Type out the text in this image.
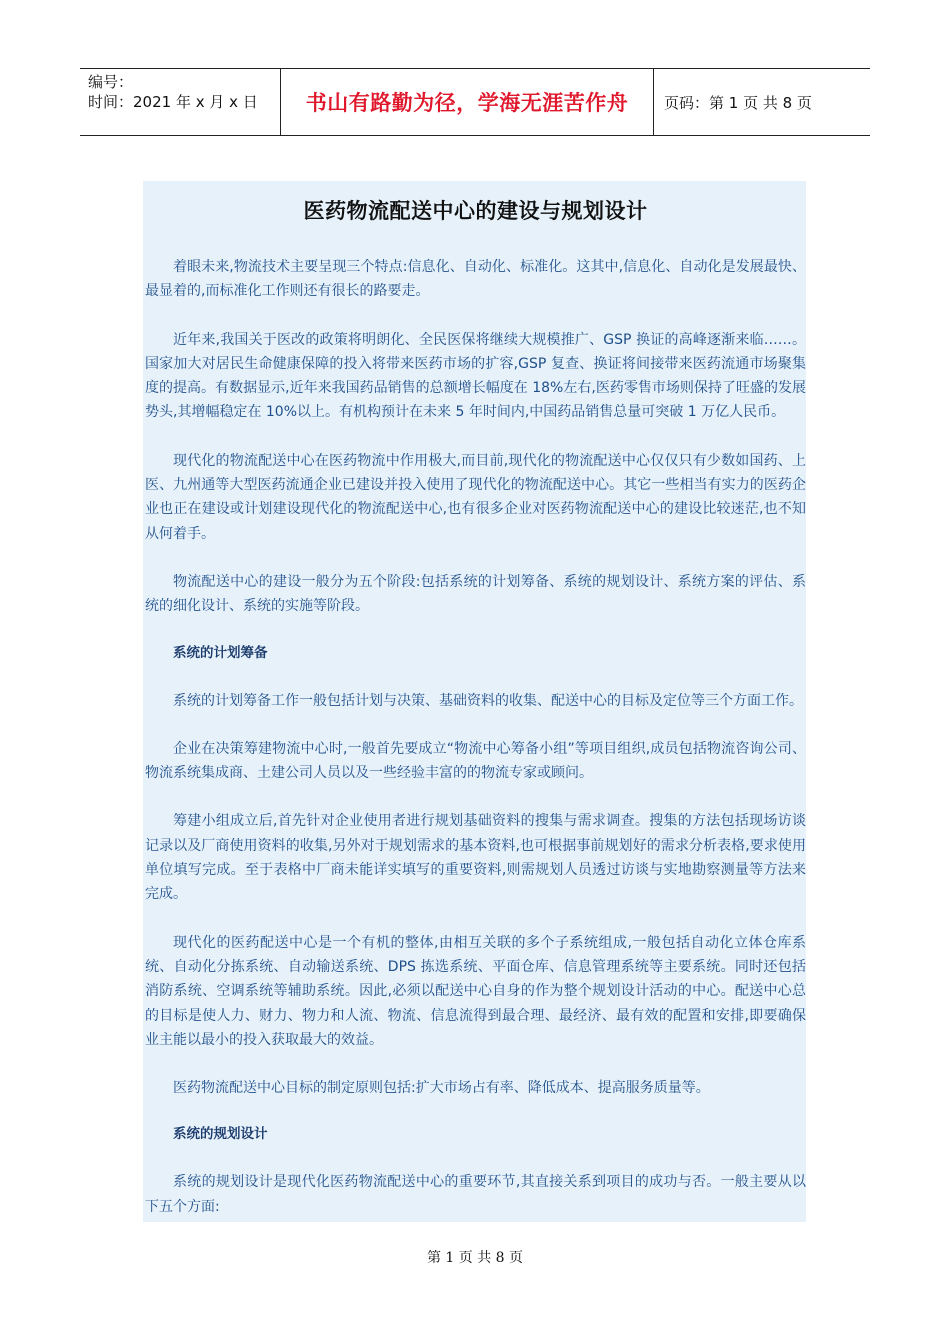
编号：
时间：2021 年 x 月 x 日	书山有路勤为径，学海无涯苦作舟	页码：第 1 页 共 8 页
医药物流配送中心的建设与规划设计

着眼未来,物流技术主要呈现三个特点:信息化、自动化、标准化。这其中,信息化、自动化是发展最快、最显着的,而标准化工作则还有很长的路要走。

近年来,我国关于医改的政策将明朗化、全民医保将继续大规模推广、GSP 换证的高峰逐渐来临……。国家加大对居民生命健康保障的投入将带来医药市场的扩容,GSP 复查、换证将间接带来医药流通市场聚集度的提高。有数据显示,近年来我国药品销售的总额增长幅度在 18%左右,医药零售市场则保持了旺盛的发展势头,其增幅稳定在 10%以上。有机构预计在未来 5 年时间内,中国药品销售总量可突破 1 万亿人民币。

现代化的物流配送中心在医药物流中作用极大,而目前,现代化的物流配送中心仅仅只有少数如国药、上医、九州通等大型医药流通企业已建设并投入使用了现代化的物流配送中心。其它一些相当有实力的医药企业也正在建设或计划建设现代化的物流配送中心,也有很多企业对医药物流配送中心的建设比较迷茫,也不知从何着手。

物流配送中心的建设一般分为五个阶段:包括系统的计划筹备、系统的规划设计、系统方案的评估、系统的细化设计、系统的实施等阶段。

系统的计划筹备

系统的计划筹备工作一般包括计划与决策、基础资料的收集、配送中心的目标及定位等三个方面工作。

企业在决策筹建物流中心时,一般首先要成立“物流中心筹备小组”等项目组织,成员包括物流咨询公司、物流系统集成商、土建公司人员以及一些经验丰富的的物流专家或顾问。

筹建小组成立后,首先针对企业使用者进行规划基础资料的搜集与需求调查。搜集的方法包括现场访谈记录以及厂商使用资料的收集,另外对于规划需求的基本资料,也可根据事前规划好的需求分析表格,要求使用单位填写完成。至于表格中厂商未能详实填写的重要资料,则需规划人员透过访谈与实地勘察测量等方法来完成。

现代化的医药配送中心是一个有机的整体,由相互关联的多个子系统组成,一般包括自动化立体仓库系统、自动化分拣系统、自动输送系统、DPS 拣选系统、平面仓库、信息管理系统等主要系统。同时还包括消防系统、空调系统等辅助系统。因此,必须以配送中心自身的作为整个规划设计活动的中心。配送中心总的目标是使人力、财力、物力和人流、物流、信息流得到最合理、最经济、最有效的配置和安排,即要确保业主能以最小的投入获取最大的效益。

医药物流配送中心目标的制定原则包括:扩大市场占有率、降低成本、提高服务质量等。

系统的规划设计

系统的规划设计是现代化医药物流配送中心的重要环节,其直接关系到项目的成功与否。一般主要从以下五个方面:

第 1 页 共 8 页
